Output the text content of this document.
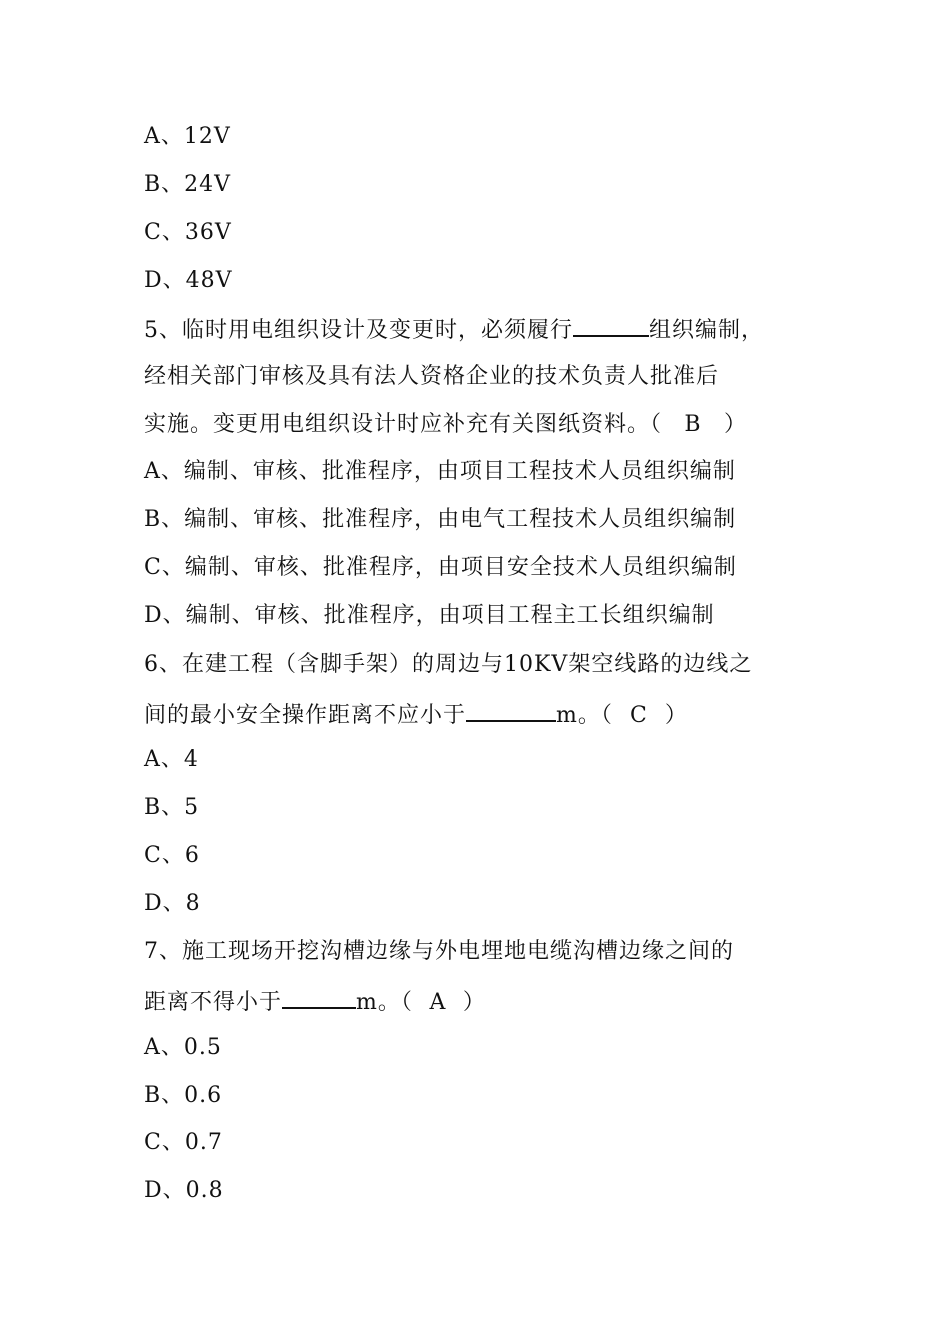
A、12V
B、24V
C、36V
D、48V
5、临时用电组织设计及变更时，必须履行	组织编制，
经相关部门审核及具有法人资格企业的技术负责人批准后
实施。变更用电组织设计时应补充有关图纸资料。（ B ）
A、编制、审核、批准程序，由项目工程技术人员组织编制
B、编制、审核、批准程序，由电气工程技术人员组织编制
C、编制、审核、批准程序，由项目安全技术人员组织编制
D、编制、审核、批准程序，由项目工程主工长组织编制
6、在建工程（含脚手架）的周边与10KV架空线路的边线之
间的最小安全操作距离不应小于	m。（ C ）
A、4
B、5
C、6
D、8
7、施工现场开挖沟槽边缘与外电埋地电缆沟槽边缘之间的
距离不得小于	m。（ A ）
A、0.5
B、0.6
C、0.7
D、0.8
